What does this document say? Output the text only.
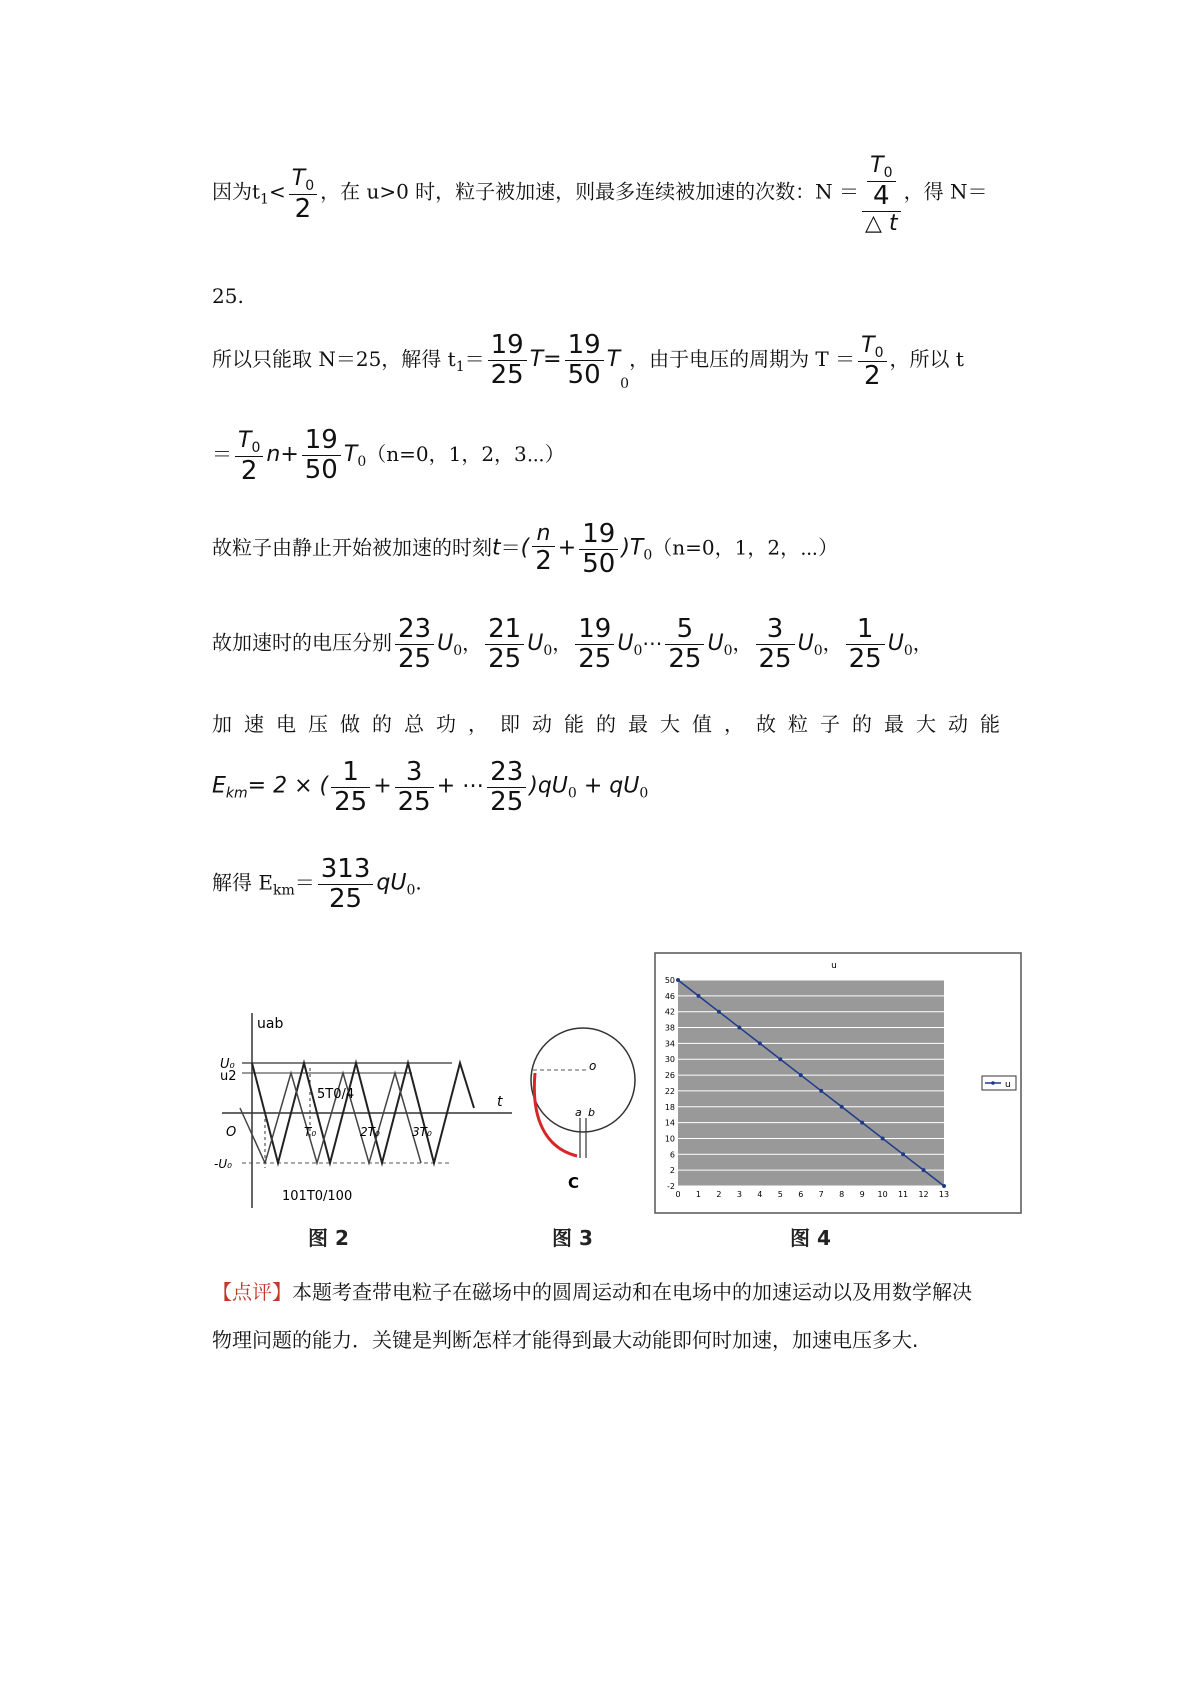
因为$t_1< \frac{T_0}{2}$ ，在 u>0 时，粒子被加速，则最多连续被加速的次数：$N = \frac{\frac{T_0}{4}}{\triangle t}$ ，得 N＝
25.
所以只能取 N＝25，解得 $t_1= \frac{19}{25} T= \frac{19}{50} T_0$，由于电压的周期为 $T = \frac{T_0}{2}$ ，所以 t
＝ $\frac{T_0}{2} n+ \frac{19}{50} T_0(n=0$，1，2，3⋯）
故粒子由静止开始被加速的时刻$t=( \frac{n}{2} + \frac{19}{50} )T_0(n=0$，1，2，⋯）
故加速时的电压分别 $\frac{23}{25} U_0$， $\frac{21}{25} U_0$， $\frac{19}{25}$ $U_0\cdots \frac{5}{25} U_0$， $\frac{3}{25} U_0$， $\frac{1}{25} U_0$，
加速电压做的总功，即动能的最大值，故粒子的最大动能
$E_{km}= 2$ × ( $\frac{1}{25} + \frac{3}{25}$ + ⋯ $\frac{23}{25} )qU_0 + qU_0$
解得 $E_{km}= \frac{313}{25} qU_0$.
uab
U₀
u2
O
-U₀
t
5T0/4
T₀	2T₀	3T₀
101T0/100
图 2
o
a b
C
图 3
u
50
46
42
38
34
30
26
22
18
14
10
6
2
-2
0 1 2 3 4 5 6 7 8 9 10 11 12 13
u
图 4
【点评】本题考查带电粒子在磁场中的圆周运动和在电场中的加速运动以及用数学解决
物理问题的能力．关键是判断怎样才能得到最大动能即何时加速，加速电压多大.
